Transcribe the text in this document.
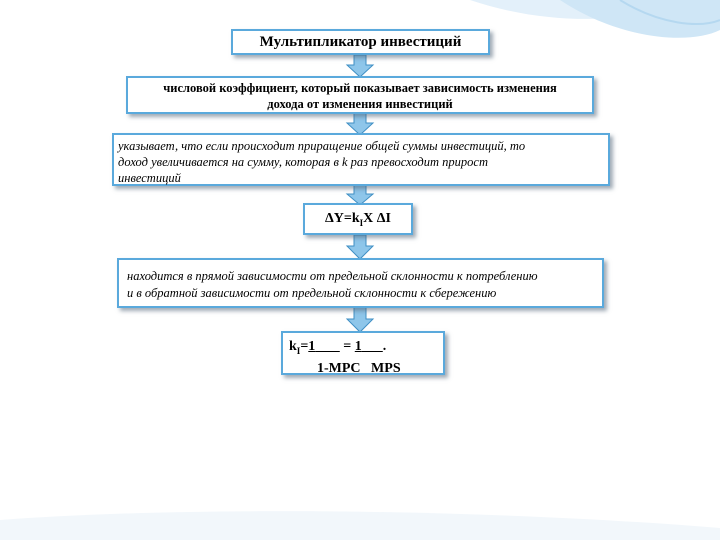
Мультипликатор инвестиций
числовой коэффициент, который показывает зависимость изменения
дохода от изменения инвестиций
указывает, что если происходит приращение общей суммы инвестиций, то
доход увеличивается на сумму, которая в k раз превосходит прирост
инвестиций
$\Delta Y=k_IX$ ΔI
находится в прямой зависимости от предельной склонности к потреблению
и в обратной зависимости от предельной склонности к сбережению
$k_I=1$        = 1 .
1-MPC MPS
